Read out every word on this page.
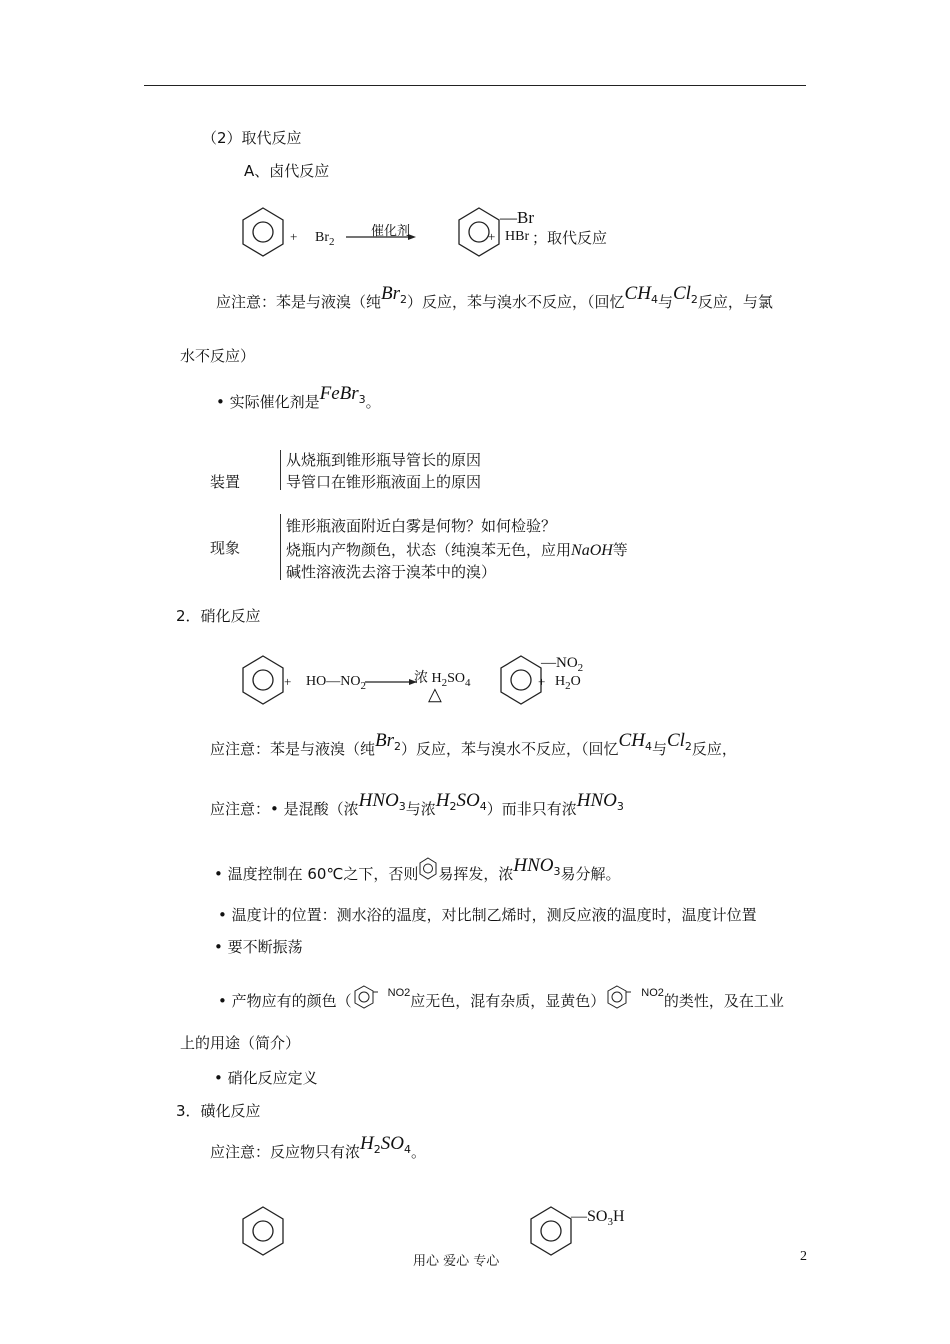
（2）取代反应
A、卤代反应
+ $Br_2$
催化剂
—Br
+ HBr ；取代反应
应注意：苯是与液溴（纯$Br_2$）反应，苯与溴水不反应，（回忆$CH_4$与$Cl_2$反应，与氯
水不反应）
• 实际催化剂是FeBr$_3$。
装置
从烧瓶到锥形瓶导管长的原因
导管口在锥形瓶液面上的原因
现象
锥形瓶液面附近白雾是何物？如何检验？
烧瓶内产物颜色，状态（纯溴苯无色，应用NaOH等
碱性溶液洗去溶于溴苯中的溴）
2．硝化反应
+ $HO—NO_2$ →
浓 $H_2SO_4$
△
$—NO_2$
+ $H_2O$
应注意：苯是与液溴（纯$Br_2$）反应，苯与溴水不反应，（回忆$CH_4$与$Cl_2$反应，
应注意：• 是混酸（浓$HNO_3$与浓$H_2SO_4$）而非只有浓$HNO_3$
• 温度控制在 60℃之下，否则 易挥发，浓$HNO_3$易分解。
• 温度计的位置：测水浴的温度，对比制乙烯时，测反应液的温度时，温度计位置
• 要不断振荡
• 产物应有的颜色（	$^{NO2}$应无色，混有杂质，显黄色）	$^{NO2}$的类性，及在工业
上的用途（简介）
• 硝化反应定义
3．磺化反应
应注意：反应物只有浓$H_2SO_4$。
$—SO_3H$
用心 爱心 专心	2
